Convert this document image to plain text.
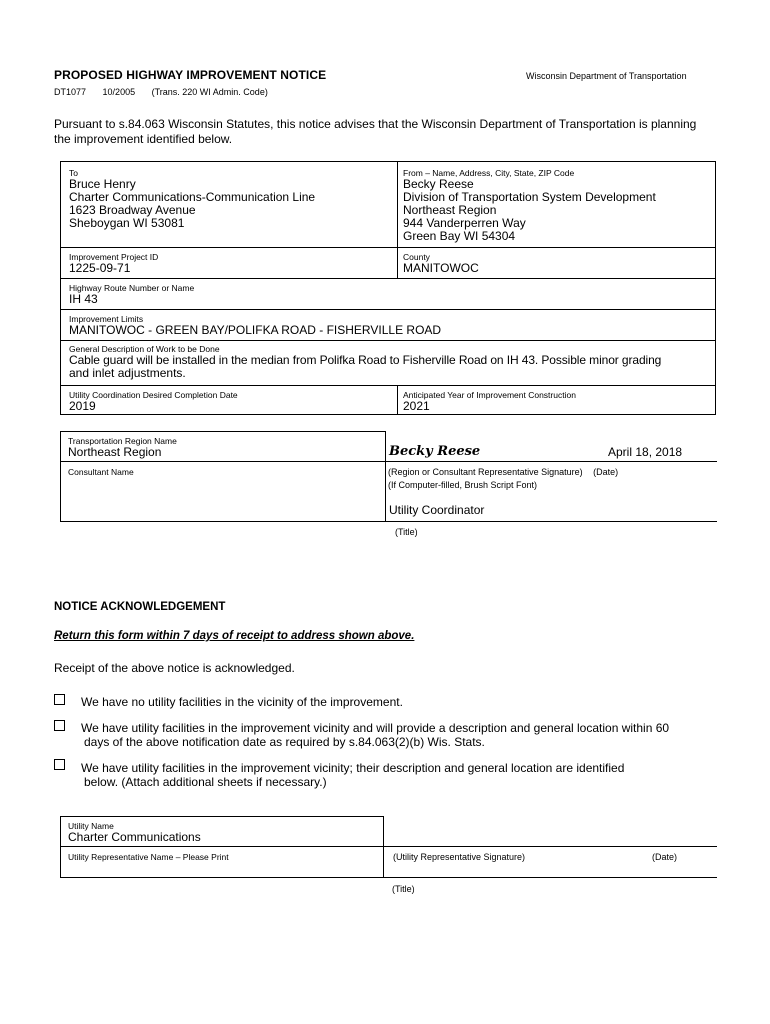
PROPOSED HIGHWAY IMPROVEMENT NOTICE	Wisconsin Department of Transportation
DT1077 10/2005 (Trans. 220 WI Admin. Code)
Pursuant to s.84.063 Wisconsin Statutes, this notice advises that the Wisconsin Department of Transportation is planning the improvement identified below.
To
Bruce Henry
Charter Communications-Communication Line
1623 Broadway Avenue
Sheboygan WI 53081
From – Name, Address, City, State, ZIP Code
Becky Reese
Division of Transportation System Development
Northeast Region
944 Vanderperren Way
Green Bay WI 54304
Improvement Project ID
1225-09-71
County
MANITOWOC
Highway Route Number or Name
IH 43
Improvement Limits
MANITOWOC - GREEN BAY/POLIFKA ROAD - FISHERVILLE ROAD
General Description of Work to be Done
Cable guard will be installed in the median from Polifka Road to Fisherville Road on IH 43. Possible minor grading
and inlet adjustments.
Utility Coordination Desired Completion Date
2019
Anticipated Year of Improvement Construction
2021
Transportation Region Name
Northeast Region
Consultant Name
Becky Reese	April 18, 2018
(Region or Consultant Representative Signature) (Date)
(If Computer-filled, Brush Script Font)
Utility Coordinator
(Title)
NOTICE ACKNOWLEDGEMENT
Return this form within 7 days of receipt to address shown above.
Receipt of the above notice is acknowledged.
We have no utility facilities in the vicinity of the improvement.
We have utility facilities in the improvement vicinity and will provide a description and general location within 60
days of the above notification date as required by s.84.063(2)(b) Wis. Stats.
We have utility facilities in the improvement vicinity; their description and general location are identified
below. (Attach additional sheets if necessary.)
Utility Name
Charter Communications
Utility Representative Name – Please Print	(Utility Representative Signature)	(Date)
(Title)
